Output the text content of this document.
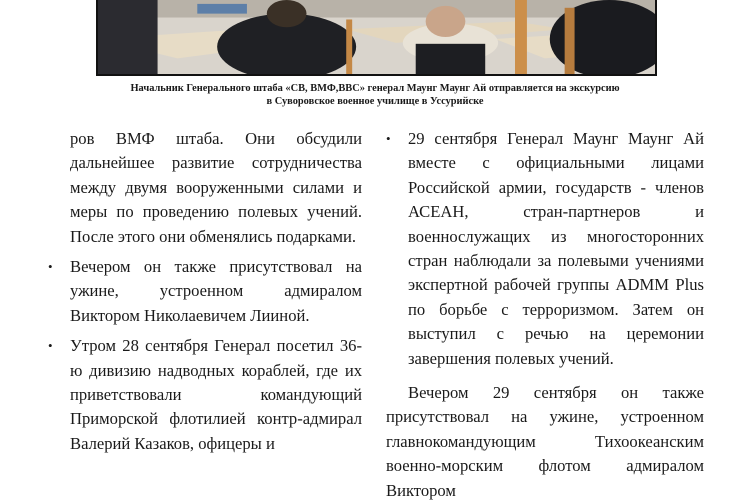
Начальник Генерального штаба «СВ, ВМФ,ВВС» генерал Маунг Маунг Ай отправляется на экскурсию
в Суворовское военное училище в Уссурийске

ров ВМФ штаба. Они обсудили дальнейшее развитие сотрудничества между двумя вооруженными силами и меры по проведению полевых учений. После этого они обменялись подарками.

•	Вечером он также присутствовал на ужине, устроенном адмиралом Виктором Николаевичем Лииной.
•	Утром 28 сентября Генерал посетил 36-ю дивизию надводных кораблей, где их приветствовали командующий Приморской флотилией контр-адмирал Валерий Казаков, офицеры и
•	29 сентября Генерал Маунг Маунг Ай вместе с официальными лицами Российской армии, государств - членов АСЕАН, стран-партнеров и военнослужащих из многосторонних стран наблюдали за полевыми учениями экспертной рабочей группы ADMM Plus по борьбе с терроризмом. Затем он выступил с речью на церемонии завершения полевых учений.

Вечером 29 сентября он также присутствовал на ужине, устроенном главнокомандующим Тихоокеанским военно-морским флотом адмиралом Виктором
